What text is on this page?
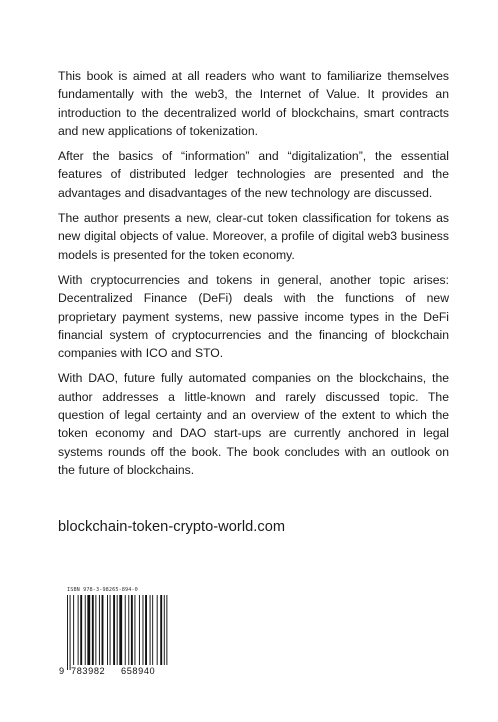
This book is aimed at all readers who want to familiarize themselves fundamentally with the web3, the Internet of Value. It provides an introduction to the decentralized world of blockchains, smart contracts and new applications of tokenization.

After the basics of “information” and “digitalization”, the essential features of distributed ledger technologies are presented and the advantages and disadvantages of the new technology are discussed.

The author presents a new, clear-cut token classification for tokens as new digital objects of value. Moreover, a profile of digital web3 business models is presented for the token economy.

With cryptocurrencies and tokens in general, another topic arises: Decentralized Finance (DeFi) deals with the functions of new proprietary payment systems, new passive income types in the DeFi financial system of cryptocurrencies and the financing of blockchain companies with ICO and STO.

With DAO, future fully automated companies on the blockchains, the author addresses a little-known and rarely discussed topic. The question of legal certainty and an overview of the extent to which the token economy and DAO start-ups are currently anchored in legal systems rounds off the book. The book concludes with an outlook on the future of blockchains.

blockchain-token-crypto-world.com
ISBN 978-3-98265-894-0
9 783982 658940
